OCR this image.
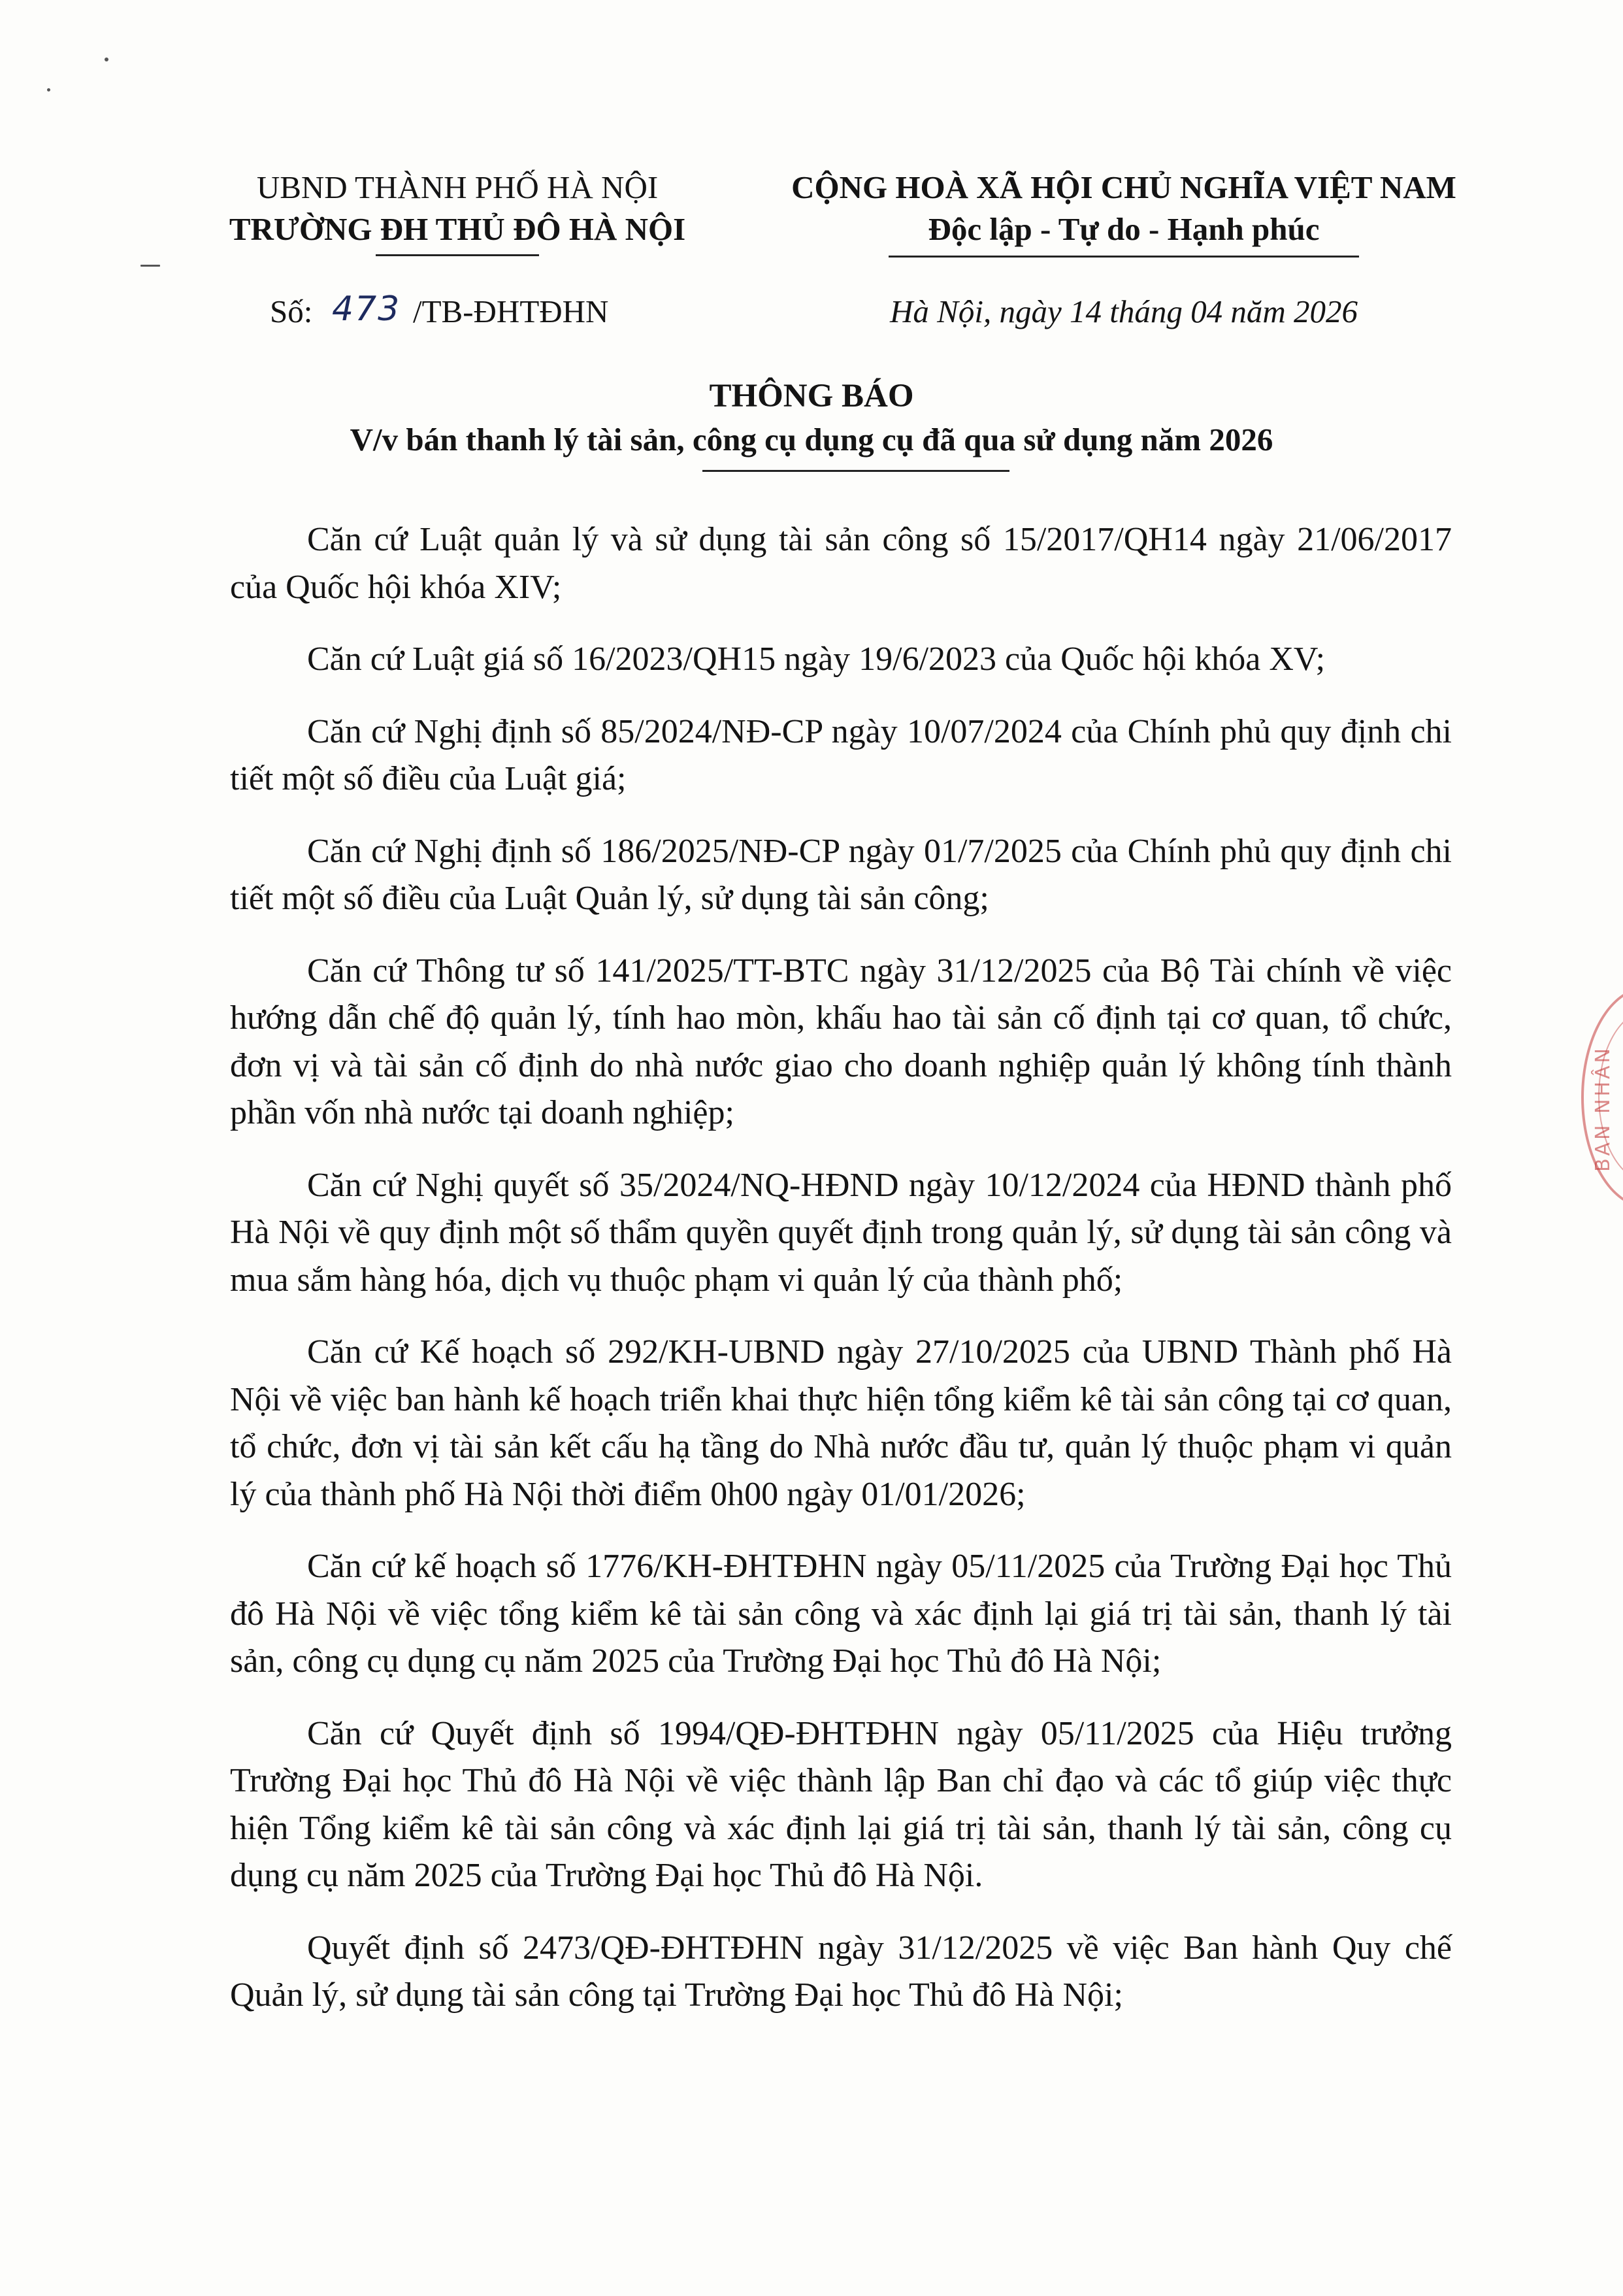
UBND THÀNH PHỐ HÀ NỘI
TRƯỜNG ĐH THỦ ĐÔ HÀ NỘI
CỘNG HOÀ XÃ HỘI CHỦ NGHĨA VIỆT NAM
Độc lập - Tự do - Hạnh phúc
Số: 473 /TB-ĐHTĐHN	Hà Nội, ngày 14 tháng 04 năm 2026
THÔNG BÁO
V/v bán thanh lý tài sản, công cụ dụng cụ đã qua sử dụng năm 2026

Căn cứ Luật quản lý và sử dụng tài sản công số 15/2017/QH14 ngày 21/06/2017 của Quốc hội khóa XIV;

Căn cứ Luật giá số 16/2023/QH15 ngày 19/6/2023 của Quốc hội khóa XV;

Căn cứ Nghị định số 85/2024/NĐ-CP ngày 10/07/2024 của Chính phủ quy định chi tiết một số điều của Luật giá;

Căn cứ Nghị định số 186/2025/NĐ-CP ngày 01/7/2025 của Chính phủ quy định chi tiết một số điều của Luật Quản lý, sử dụng tài sản công;

Căn cứ Thông tư số 141/2025/TT-BTC ngày 31/12/2025 của Bộ Tài chính về việc hướng dẫn chế độ quản lý, tính hao mòn, khấu hao tài sản cố định tại cơ quan, tổ chức, đơn vị và tài sản cố định do nhà nước giao cho doanh nghiệp quản lý không tính thành phần vốn nhà nước tại doanh nghiệp;

Căn cứ Nghị quyết số 35/2024/NQ-HĐND ngày 10/12/2024 của HĐND thành phố Hà Nội về quy định một số thẩm quyền quyết định trong quản lý, sử dụng tài sản công và mua sắm hàng hóa, dịch vụ thuộc phạm vi quản lý của thành phố;

Căn cứ Kế hoạch số 292/KH-UBND ngày 27/10/2025 của UBND Thành phố Hà Nội về việc ban hành kế hoạch triển khai thực hiện tổng kiểm kê tài sản công tại cơ quan, tổ chức, đơn vị tài sản kết cấu hạ tầng do Nhà nước đầu tư, quản lý thuộc phạm vi quản lý của thành phố Hà Nội thời điểm 0h00 ngày 01/01/2026;

Căn cứ kế hoạch số 1776/KH-ĐHTĐHN ngày 05/11/2025 của Trường Đại học Thủ đô Hà Nội về việc tổng kiểm kê tài sản công và xác định lại giá trị tài sản, thanh lý tài sản, công cụ dụng cụ năm 2025 của Trường Đại học Thủ đô Hà Nội;

Căn cứ Quyết định số 1994/QĐ-ĐHTĐHN ngày 05/11/2025 của Hiệu trưởng Trường Đại học Thủ đô Hà Nội về việc thành lập Ban chỉ đạo và các tổ giúp việc thực hiện Tổng kiểm kê tài sản công và xác định lại giá trị tài sản, thanh lý tài sản, công cụ dụng cụ năm 2025 của Trường Đại học Thủ đô Hà Nội.

Quyết định số 2473/QĐ-ĐHTĐHN ngày 31/12/2025 về việc Ban hành Quy chế Quản lý, sử dụng tài sản công tại Trường Đại học Thủ đô Hà Nội;

BAN NHÂN
